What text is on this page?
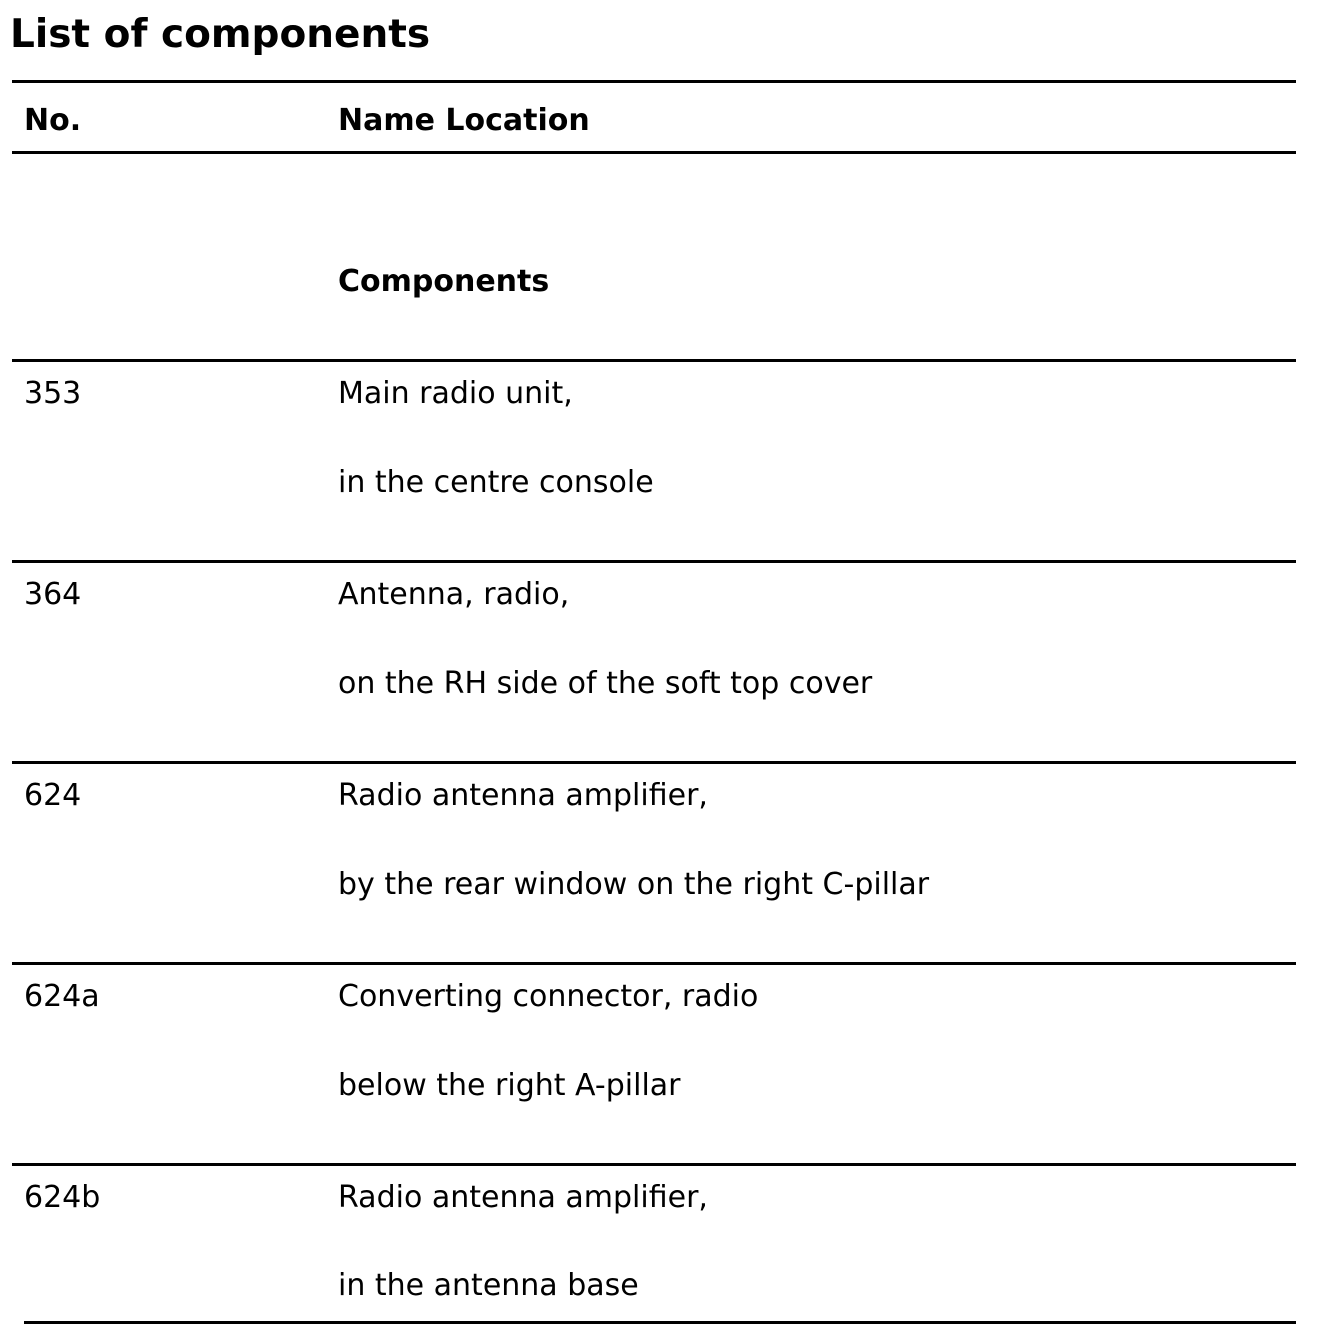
List of components
No.	Name Location
Components
353	Main radio unit,
in the centre console
364	Antenna, radio,
on the RH side of the soft top cover
624	Radio antenna amplifier,
by the rear window on the right C-pillar
624a	Converting connector, radio
below the right A-pillar
624b	Radio antenna amplifier,
in the antenna base
